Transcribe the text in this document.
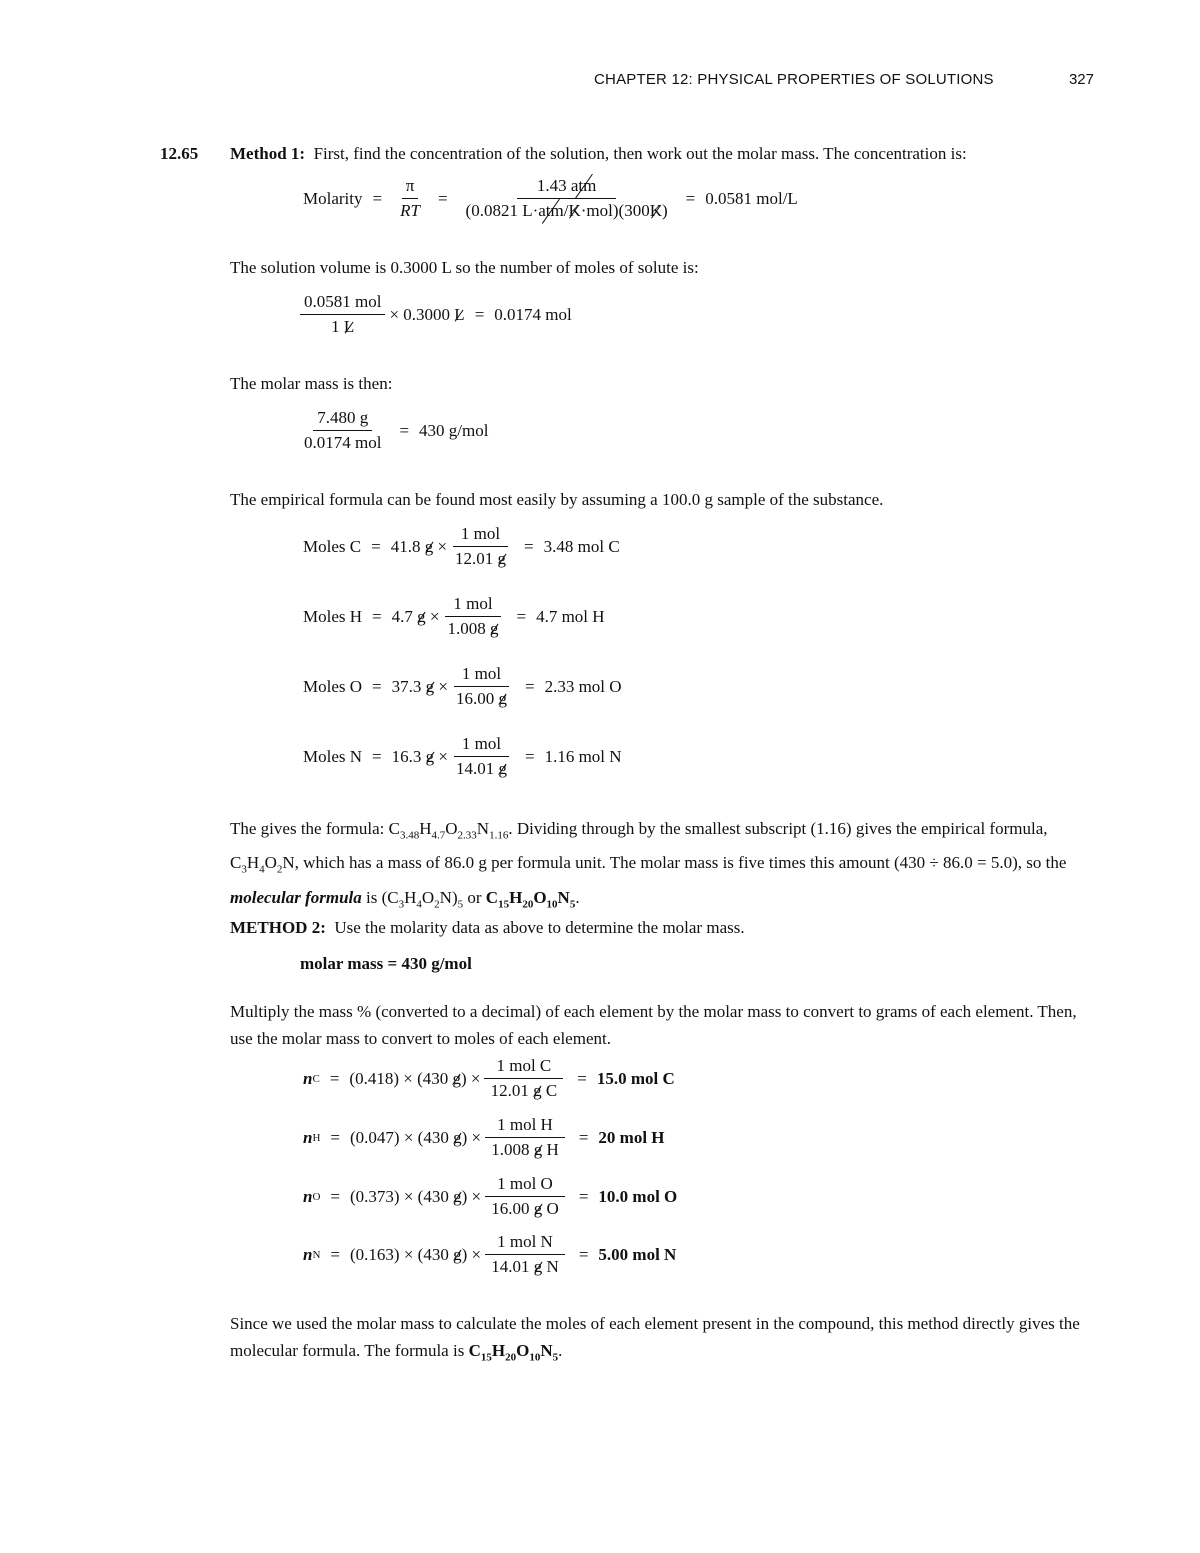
CHAPTER 12: PHYSICAL PROPERTIES OF SOLUTIONS	327
12.65 Method 1: First, find the concentration of the solution, then work out the molar mass. The concentration is:
Molarity = $\frac{\pi}{RT} = \frac{\text{1.43 atm}}{\text{(0.0821 L·atm/K·mol)(300K)}} = 0.0581$ mol/L
The solution volume is 0.3000 L so the number of moles of solute is:
$\frac{\text{0.0581 mol}}{1 L} \times 0.3000$
L = 0.0174 mol
The molar mass is then:
$\frac{7.480 g}{\text{0.0174 mol}} = 430$ g/mol
The empirical formula can be found most easily by assuming a 100.0 g sample of the substance.
Moles C = 41.8
$g \times \frac{\text{1 mol}}{12.01 g} = 3.48$ mol C
Moles H = 4.7
$g \times \frac{\text{1 mol}}{1.008 g} = 4.7$ mol H
Moles O = 37.3
$g \times \frac{\text{1 mol}}{16.00 g} = 2.33$ mol O
Moles N = 16.3
$g \times \frac{\text{1 mol}}{14.01 g} = 1.16$ mol N
The gives the formula: $C_{3.48}H_{4.7}O_{2.33}N_{1.16}$. Dividing through by the smallest subscript (1.16) gives the empirical formula, $C_3H_4O_2N$, which has a mass of 86.0 g per formula unit. The molar mass is five times this amount (430 ÷ 86.0 = 5.0), so the molecular formula is $(C_3H_4O_2N)_5$ or $C_{15}H_{20}O_{10}N_5$.
METHOD 2: Use the molarity data as above to determine the molar mass.
molar mass = 430 g/mol
Multiply the mass % (converted to a decimal) of each element by the molar mass to convert to grams of each element. Then, use the molar mass to convert to moles of each element.
n C = (0.418) × (430
g ) × $\frac{\text{1 mol C}}{\text{12.01 g C}} = 15.0$ mol C
n H = (0.047) × (430
g ) × $\frac{\text{1 mol H}}{\text{1.008 g H}} = 20$ mol H
n O = (0.373) × (430
g ) × $\frac{\text{1 mol O}}{\text{16.00 g O}} = 10.0$ mol O
n N = (0.163) × (430
g ) × $\frac{\text{1 mol N}}{\text{14.01 g N}} = 5.00$ mol N
Since we used the molar mass to calculate the moles of each element present in the compound, this method directly gives the molecular formula. The formula is $C_{15}H_{20}O_{10}N_5$.
